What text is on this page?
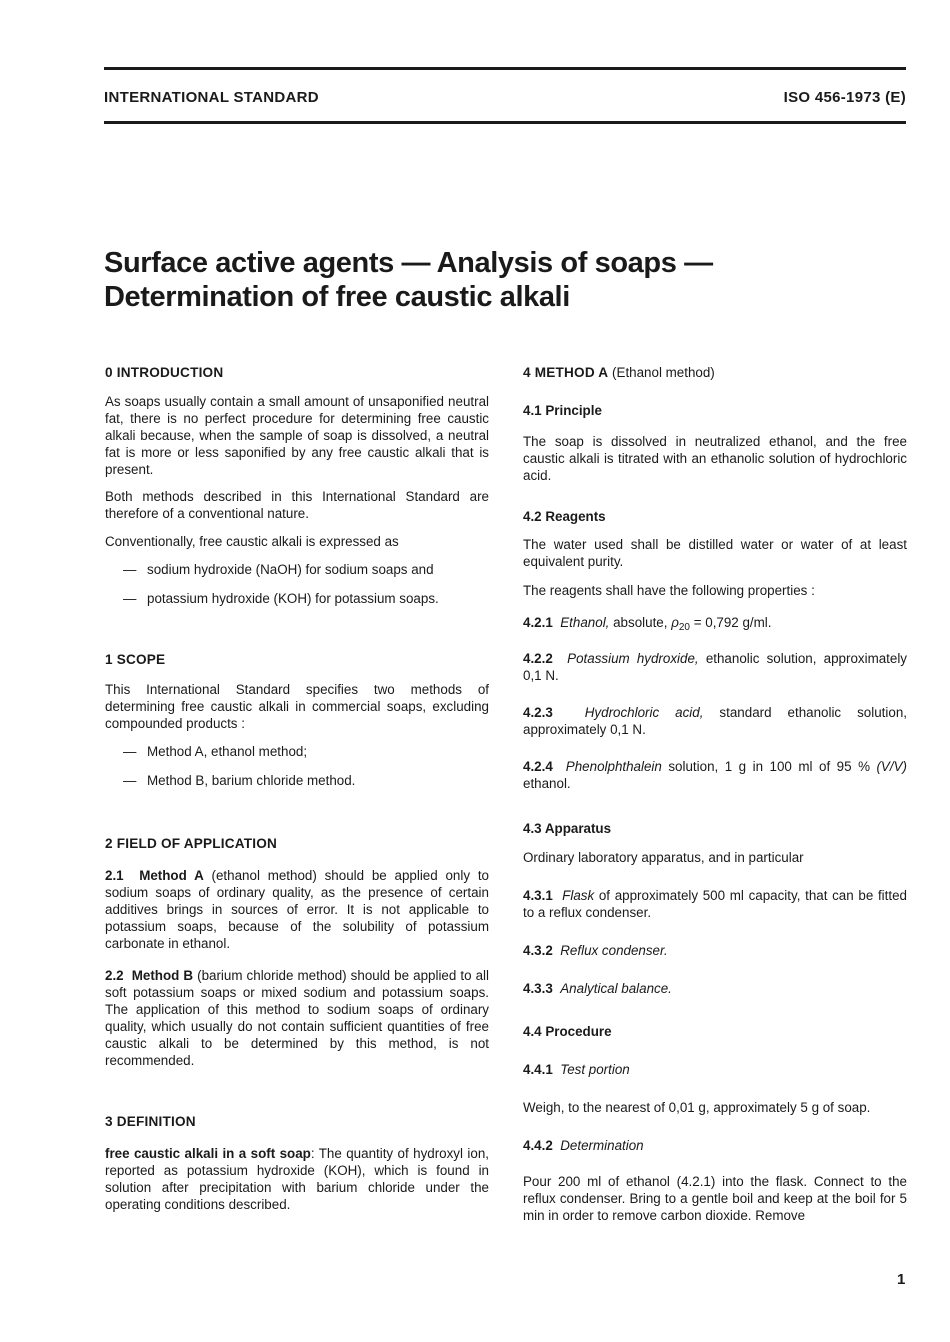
INTERNATIONAL STANDARD	ISO 456-1973 (E)
Surface active agents — Analysis of soaps —
Determination of free caustic alkali

0 INTRODUCTION

As soaps usually contain a small amount of unsaponified neutral fat, there is no perfect procedure for determining free caustic alkali because, when the sample of soap is dissolved, a neutral fat is more or less saponified by any free caustic alkali that is present.

Both methods described in this International Standard are therefore of a conventional nature.

Conventionally, free caustic alkali is expressed as

— sodium hydroxide (NaOH) for sodium soaps and
— potassium hydroxide (KOH) for potassium soaps.

1 SCOPE

This International Standard specifies two methods of determining free caustic alkali in commercial soaps, excluding compounded products :

— Method A, ethanol method;
— Method B, barium chloride method.

2 FIELD OF APPLICATION

2.1 Method A (ethanol method) should be applied only to sodium soaps of ordinary quality, as the presence of certain additives brings in sources of error. It is not applicable to potassium soaps, because of the solubility of potassium carbonate in ethanol.

2.2 Method B (barium chloride method) should be applied to all soft potassium soaps or mixed sodium and potassium soaps. The application of this method to sodium soaps of ordinary quality, which usually do not contain sufficient quantities of free caustic alkali to be determined by this method, is not recommended.

3 DEFINITION

free caustic alkali in a soft soap: The quantity of hydroxyl ion, reported as potassium hydroxide (KOH), which is found in solution after precipitation with barium chloride under the operating conditions described.

4 METHOD A (Ethanol method)

4.1 Principle

The soap is dissolved in neutralized ethanol, and the free caustic alkali is titrated with an ethanolic solution of hydrochloric acid.

4.2 Reagents

The water used shall be distilled water or water of at least equivalent purity.

The reagents shall have the following properties :

4.2.1 Ethanol, absolute, $\rho_{20} = 0,792$ g/ml.

4.2.2 Potassium hydroxide, ethanolic solution, approximately 0,1 N.

4.2.3 Hydrochloric acid, standard ethanolic solution, approximately 0,1 N.

4.2.4 Phenolphthalein solution, 1 g in 100 ml of 95 % (V/V) ethanol.

4.3 Apparatus

Ordinary laboratory apparatus, and in particular

4.3.1 Flask of approximately 500 ml capacity, that can be fitted to a reflux condenser.

4.3.2 Reflux condenser.

4.3.3 Analytical balance.

4.4 Procedure

4.4.1 Test portion

Weigh, to the nearest of 0,01 g, approximately 5 g of soap.

4.4.2 Determination

Pour 200 ml of ethanol (4.2.1) into the flask. Connect to the reflux condenser. Bring to a gentle boil and keep at the boil for 5 min in order to remove carbon dioxide. Remove

1
